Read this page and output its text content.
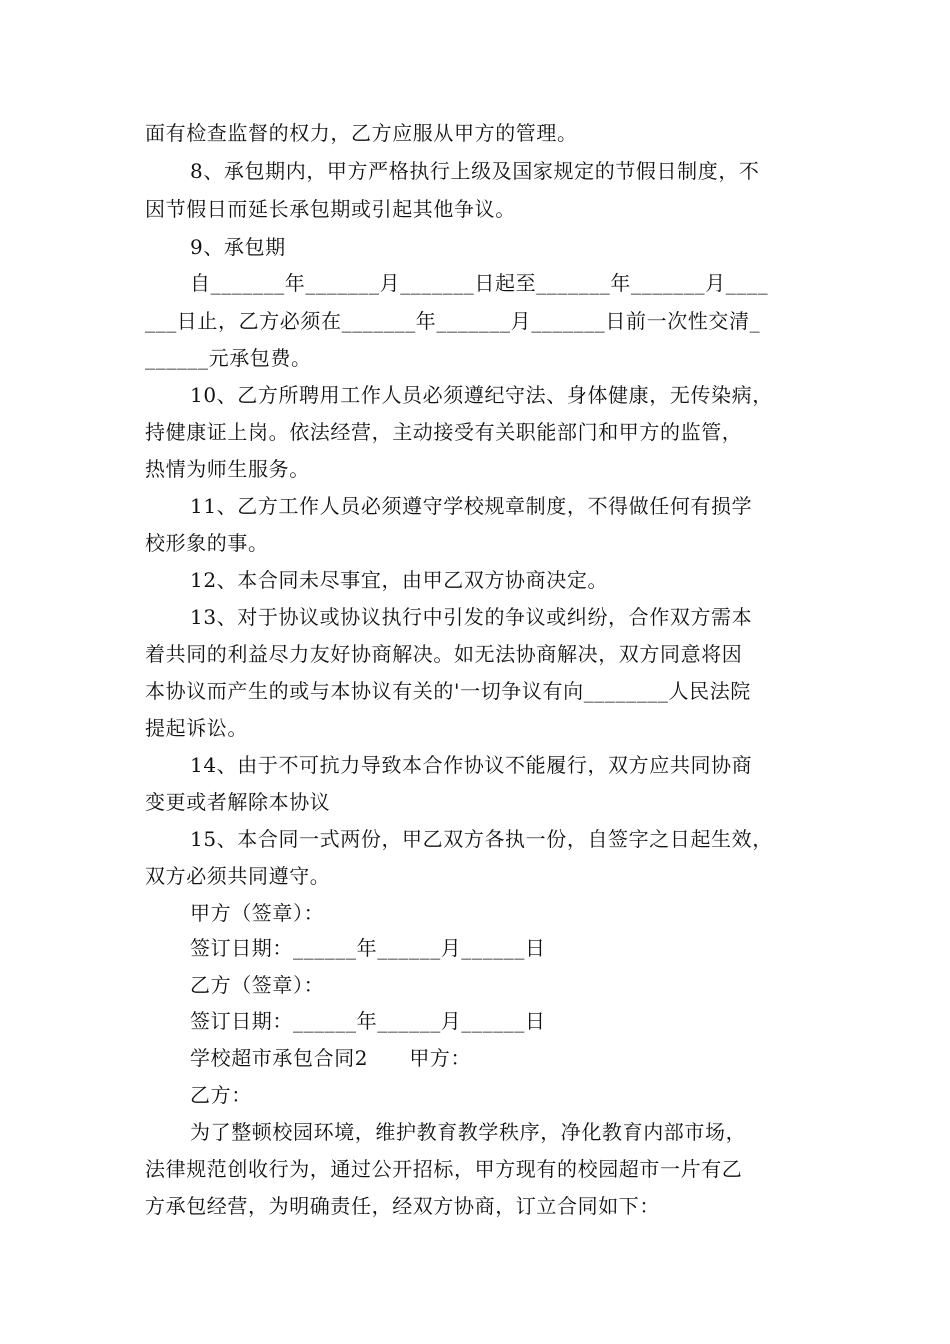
面有检查监督的权力，乙方应服从甲方的管理。
8、承包期内，甲方严格执行上级及国家规定的节假日制度，不
因节假日而延长承包期或引起其他争议。
9、承包期
自_______年_______月_______日起至_______年_______月____
___日止，乙方必须在_______年_______月_______日前一次性交清_
______元承包费。
10、乙方所聘用工作人员必须遵纪守法、身体健康，无传染病，
持健康证上岗。依法经营，主动接受有关职能部门和甲方的监管，
热情为师生服务。
11、乙方工作人员必须遵守学校规章制度，不得做任何有损学
校形象的事。
12、本合同未尽事宜，由甲乙双方协商决定。
13、对于协议或协议执行中引发的争议或纠纷，合作双方需本
着共同的利益尽力友好协商解决。如无法协商解决，双方同意将因
本协议而产生的或与本协议有关的'一切争议有向________人民法院
提起诉讼。
14、由于不可抗力导致本合作协议不能履行，双方应共同协商
变更或者解除本协议
15、本合同一式两份，甲乙双方各执一份，自签字之日起生效，
双方必须共同遵守。
甲方（签章）：
签订日期：______年______月______日
乙方（签章）：
签订日期：______年______月______日
学校超市承包合同2　　甲方：
乙方：
为了整顿校园环境，维护教育教学秩序，净化教育内部市场，
法律规范创收行为，通过公开招标，甲方现有的校园超市一片有乙
方承包经营，为明确责任，经双方协商，订立合同如下：
